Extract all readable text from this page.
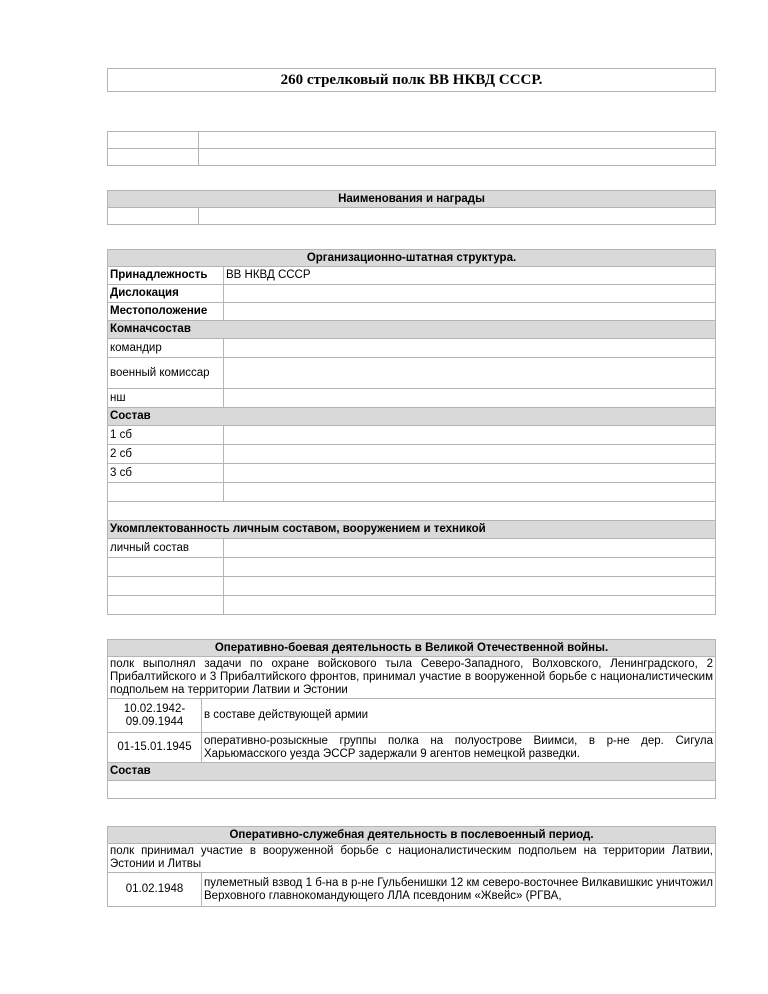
260 стрелковый полк ВВ НКВД СССР.

Наименования и награды

Организационно-штатная структура.	
Принадлежность	ВВ НКВД СССР
Дислокация	
Местоположение	
Комначсостав	
командир	
военный комиссар	
нш	
Состав	
1 сб	
2 сб	
3 сб	

Укомплектованность личным составом, вооружением и техникой	
личный состав	

Оперативно-боевая деятельность в Великой Отечественной войны.	
полк выполнял задачи по охране войскового тыла Северо-Западного, Волховского, Ленинградского, 2 Прибалтийского и 3 Прибалтийского фронтов, принимал участие в вооруженной борьбе с националистическим подпольем на территории Латвии и Эстонии	
10.02.1942-09.09.1944	в составе действующей армии
01-15.01.1945	оперативно-розыскные группы полка на полуострове Виимси, в р-не дер. Сигула Харьюмасского уезда ЭССР задержали 9 агентов немецкой разведки.
Состав	

Оперативно-служебная деятельность в послевоенный период.
полк принимал участие в вооруженной борьбе с националистическим подпольем на территории Латвии, Эстонии и Литвы
01.02.1948	пулеметный взвод 1 б-на в р-не Гульбенишки 12 км северо-восточнее Вилкавишкис уничтожил Верховного главнокомандующего ЛЛА псевдоним «Жвейс» (РГВА,
